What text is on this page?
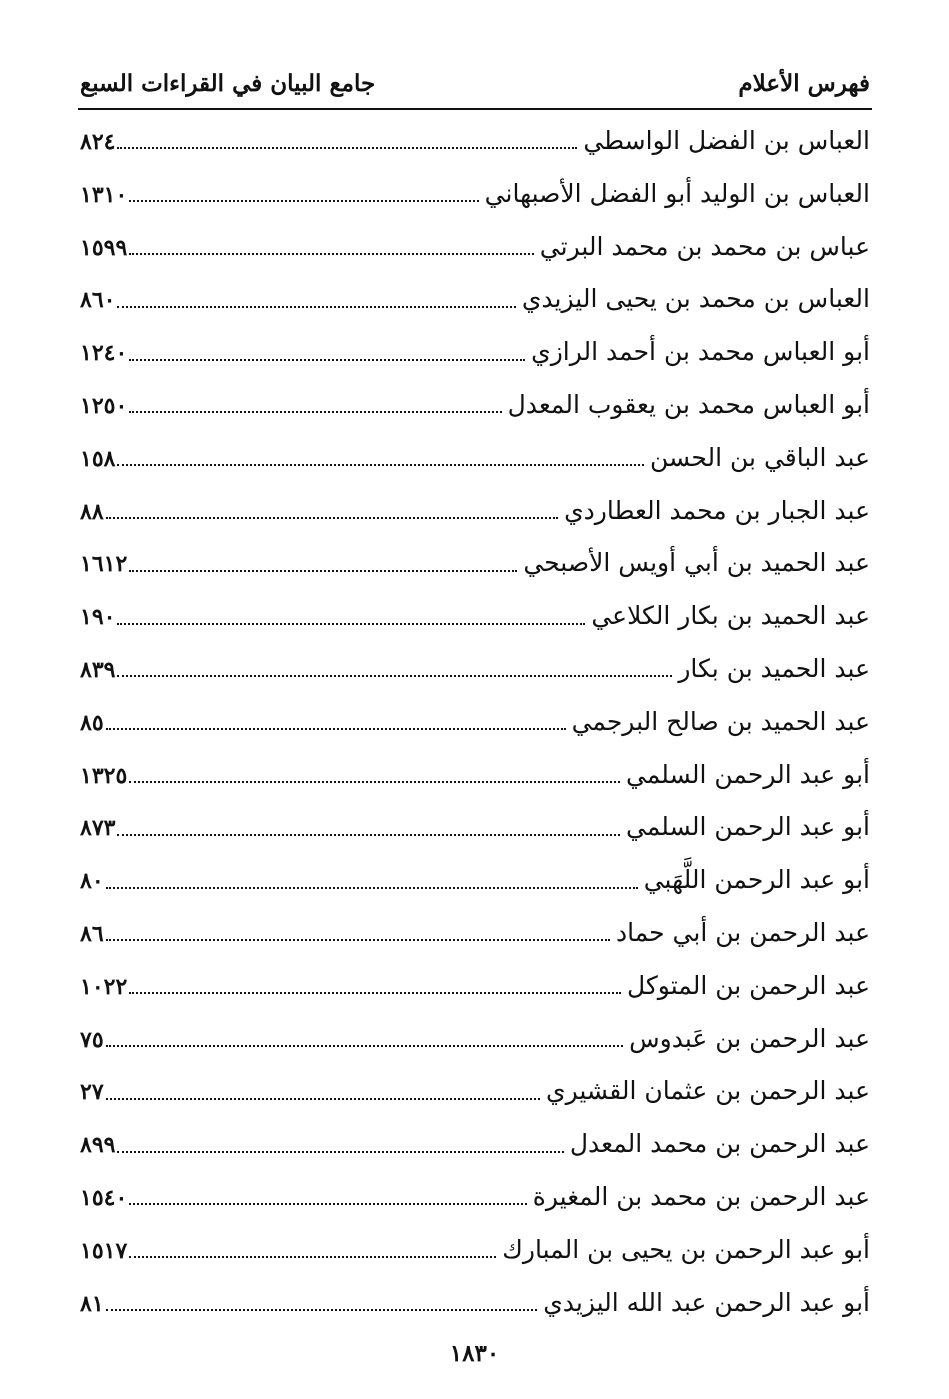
فهرس الأعلام
جامع البيان في القراءات السبع
العباس بن الفضل الواسطي
٨٢٤
العباس بن الوليد أبو الفضل الأصبهاني
١٣١٠
عباس بن محمد بن محمد البرتي
١٥٩٩
العباس بن محمد بن يحيى اليزيدي
٨٦٠
أبو العباس محمد بن أحمد الرازي
١٢٤٠
أبو العباس محمد بن يعقوب المعدل
١٢٥٠
عبد الباقي بن الحسن
١٥٨
عبد الجبار بن محمد العطاردي
٨٨
عبد الحميد بن أبي أويس الأصبحي
١٦١٢
عبد الحميد بن بكار الكلاعي
١٩٠
عبد الحميد بن بكار
٨٣٩
عبد الحميد بن صالح البرجمي
٨٥
أبو عبد الرحمن السلمي
١٣٢٥
أبو عبد الرحمن السلمي
٨٧٣
أبو عبد الرحمن اللَّهَبي
٨٠
عبد الرحمن بن أبي حماد
٨٦
عبد الرحمن بن المتوكل
١٠٢٢
عبد الرحمن بن عَبدوس
٧٥
عبد الرحمن بن عثمان القشيري
٢٧
عبد الرحمن بن محمد المعدل
٨٩٩
عبد الرحمن بن محمد بن المغيرة
١٥٤٠
أبو عبد الرحمن بن يحيى بن المبارك
١٥١٧
أبو عبد الرحمن عبد الله اليزيدي
٨١
١٨٣٠
